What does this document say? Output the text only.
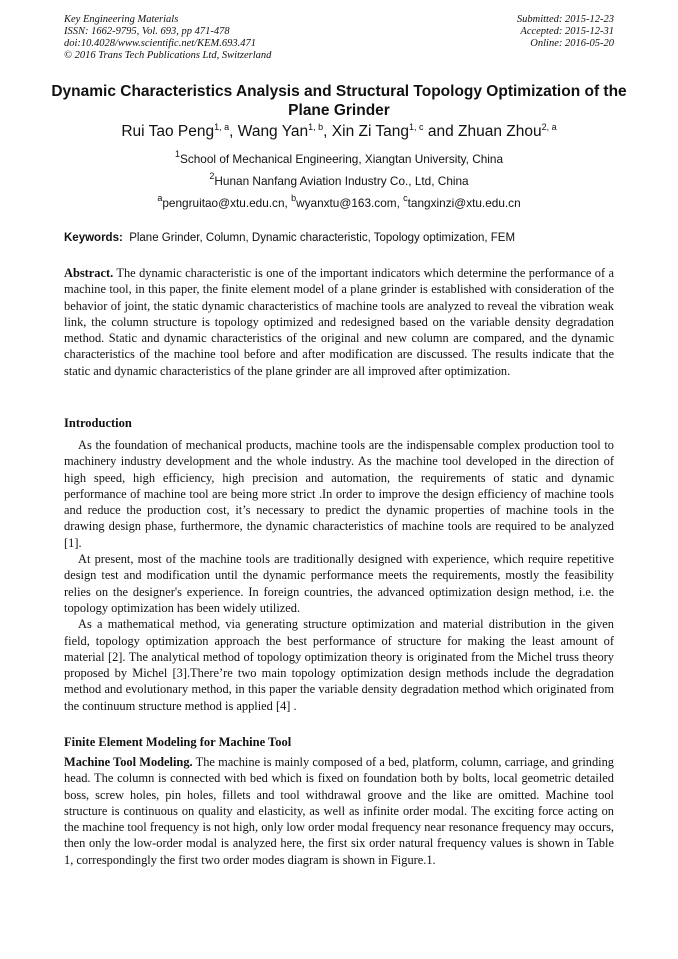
Key Engineering Materials
ISSN: 1662-9795, Vol. 693, pp 471-478
doi:10.4028/www.scientific.net/KEM.693.471
© 2016 Trans Tech Publications Ltd, Switzerland
Submitted: 2015-12-23
Accepted: 2015-12-31
Online: 2016-05-20
Dynamic Characteristics Analysis and Structural Topology Optimization of the Plane Grinder
Rui Tao Peng$^{1, a}$, Wang Yan$^{1, b}$, Xin Zi Tang$^{1, c}$ and Zhuan Zhou$^{2, a}$
$^1$School of Mechanical Engineering, Xiangtan University, China
$^2$Hunan Nanfang Aviation Industry Co., Ltd, China
$^a$pengruitao@xtu.edu.cn, $^b$wyanxtu@163.com, $^c$tangxinzi@xtu.edu.cn
Keywords: Plane Grinder, Column, Dynamic characteristic, Topology optimization, FEM

Abstract. The dynamic characteristic is one of the important indicators which determine the performance of a machine tool, in this paper, the finite element model of a plane grinder is established with consideration of the behavior of joint, the static dynamic characteristics of machine tools are analyzed to reveal the vibration weak link, the column structure is topology optimized and redesigned based on the variable density degradation method. Static and dynamic characteristics of the original and new column are compared, and the dynamic characteristics of the machine tool before and after modification are discussed. The results indicate that the static and dynamic characteristics of the plane grinder are all improved after optimization.

Introduction

As the foundation of mechanical products, machine tools are the indispensable complex production tool to machinery industry development and the whole industry. As the machine tool developed in the direction of high speed, high efficiency, high precision and automation, the requirements of static and dynamic performance of machine tool are being more strict .In order to improve the design efficiency of machine tools and reduce the production cost, it’s necessary to predict the dynamic properties of machine tools in the drawing design phase, furthermore, the dynamic characteristics of machine tools are required to be analyzed [1].

At present, most of the machine tools are traditionally designed with experience, which require repetitive design test and modification until the dynamic performance meets the requirements, mostly the feasibility relies on the designer's experience. In foreign countries, the advanced optimization design method, i.e. the topology optimization has been widely utilized.

As a mathematical method, via generating structure optimization and material distribution in the given field, topology optimization approach the best performance of structure for making the least amount of material [2]. The analytical method of topology optimization theory is originated from the Michel truss theory proposed by Michel [3].There’re two main topology optimization design methods include the degradation method and evolutionary method, in this paper the variable density degradation method which originated from the continuum structure method is applied [4] .

Finite Element Modeling for Machine Tool

Machine Tool Modeling. The machine is mainly composed of a bed, platform, column, carriage, and grinding head. The column is connected with bed which is fixed on foundation both by bolts, local geometric detailed boss, screw holes, pin holes, fillets and tool withdrawal groove and the like are omitted. Machine tool structure is continuous on quality and elasticity, as well as infinite order modal. The exciting force acting on the machine tool frequency is not high, only low order modal frequency near resonance frequency may occurs, then only the low-order modal is analyzed here, the first six order natural frequency values is shown in Table 1, correspondingly the first two order modes diagram is shown in Figure.1.
